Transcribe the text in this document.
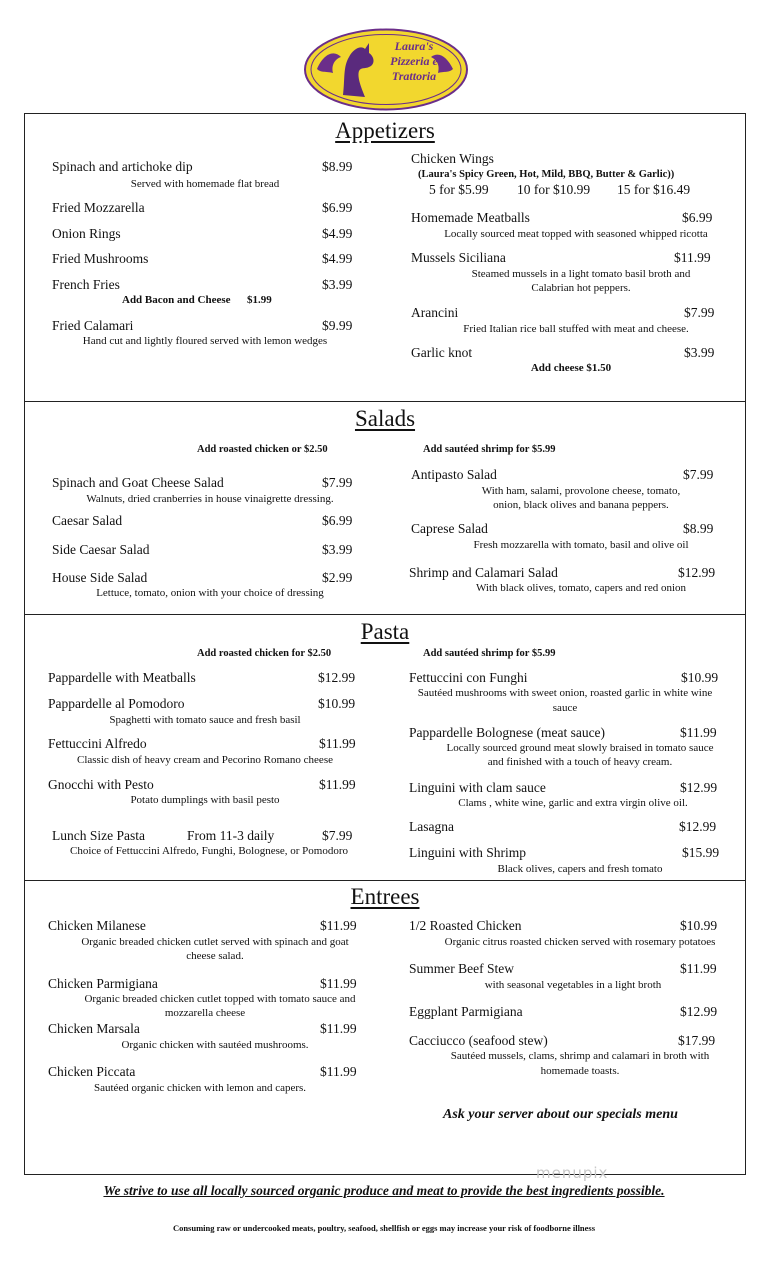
Laura's
Pizzeria e
Trattoria
Appetizers
Spinach and artichoke dip	$8.99
Served with homemade flat bread
Fried Mozzarella	$6.99
Onion Rings	$4.99
Fried Mushrooms	$4.99
French Fries	$3.99
Add Bacon and Cheese      $1.99
Fried Calamari	$9.99
Hand cut and lightly floured served with lemon wedges
Chicken Wings
(Laura's Spicy Green, Hot, Mild, BBQ, Butter & Garlic))
5 for $5.99 10 for $10.99 15 for $16.49
Homemade Meatballs	$6.99
Locally sourced meat topped with seasoned whipped ricotta
Mussels Siciliana	$11.99
Steamed mussels in a light tomato basil broth and
Calabrian hot peppers.
Arancini	$7.99
Fried Italian rice ball stuffed with meat and cheese.
Garlic knot	$3.99
Add cheese $1.50
Salads
Add roasted chicken or $2.50	Add sautéed shrimp for $5.99
Spinach and Goat Cheese Salad	$7.99
Walnuts, dried cranberries in house vinaigrette dressing.
Caesar Salad	$6.99
Side Caesar Salad	$3.99
House Side Salad	$2.99
Lettuce, tomato, onion with your choice of dressing
Antipasto Salad	$7.99
With ham, salami, provolone cheese, tomato,
onion, black olives and banana peppers.
Caprese Salad	$8.99
Fresh mozzarella with tomato, basil and olive oil
Shrimp and Calamari Salad	$12.99
With black olives, tomato, capers and red onion
Pasta
Add roasted chicken for $2.50	Add sautéed shrimp for $5.99
Pappardelle with Meatballs	$12.99
Pappardelle al Pomodoro	$10.99
Spaghetti with tomato sauce and fresh basil
Fettuccini Alfredo	$11.99
Classic dish of heavy cream and Pecorino Romano cheese
Gnocchi with Pesto	$11.99
Potato dumplings with basil pesto
Lunch Size Pasta	From 11-3 daily	$7.99
Choice of Fettuccini Alfredo, Funghi, Bolognese, or Pomodoro
Fettuccini con Funghi	$10.99
Sautéed mushrooms with sweet onion, roasted garlic in white wine
sauce
Pappardelle Bolognese (meat sauce)	$11.99
Locally sourced ground meat slowly braised in tomato sauce
and finished with a touch of heavy cream.
Linguini with clam sauce	$12.99
Clams , white wine, garlic and extra virgin olive oil.
Lasagna	$12.99
Linguini with Shrimp	$15.99
Black olives, capers and fresh tomato
Entrees
Chicken Milanese	$11.99
Organic breaded chicken cutlet served with spinach and goat
cheese salad.
Chicken Parmigiana	$11.99
Organic breaded chicken cutlet topped with tomato sauce and
mozzarella cheese
Chicken Marsala	$11.99
Organic chicken with sautéed mushrooms.
Chicken Piccata	$11.99
Sautéed organic chicken with lemon and capers.
1/2 Roasted Chicken	$10.99
Organic citrus roasted chicken served with rosemary potatoes
Summer Beef Stew	$11.99
with seasonal vegetables in a light broth
Eggplant Parmigiana	$12.99
Cacciucco (seafood stew)	$17.99
Sautéed mussels, clams, shrimp and calamari in broth with
homemade toasts.
Ask your server about our specials menu
menupix
We strive to use all locally sourced organic produce and meat to provide the best ingredients possible.
Consuming raw or undercooked meats, poultry, seafood, shellfish or eggs may increase your risk of foodborne illness
